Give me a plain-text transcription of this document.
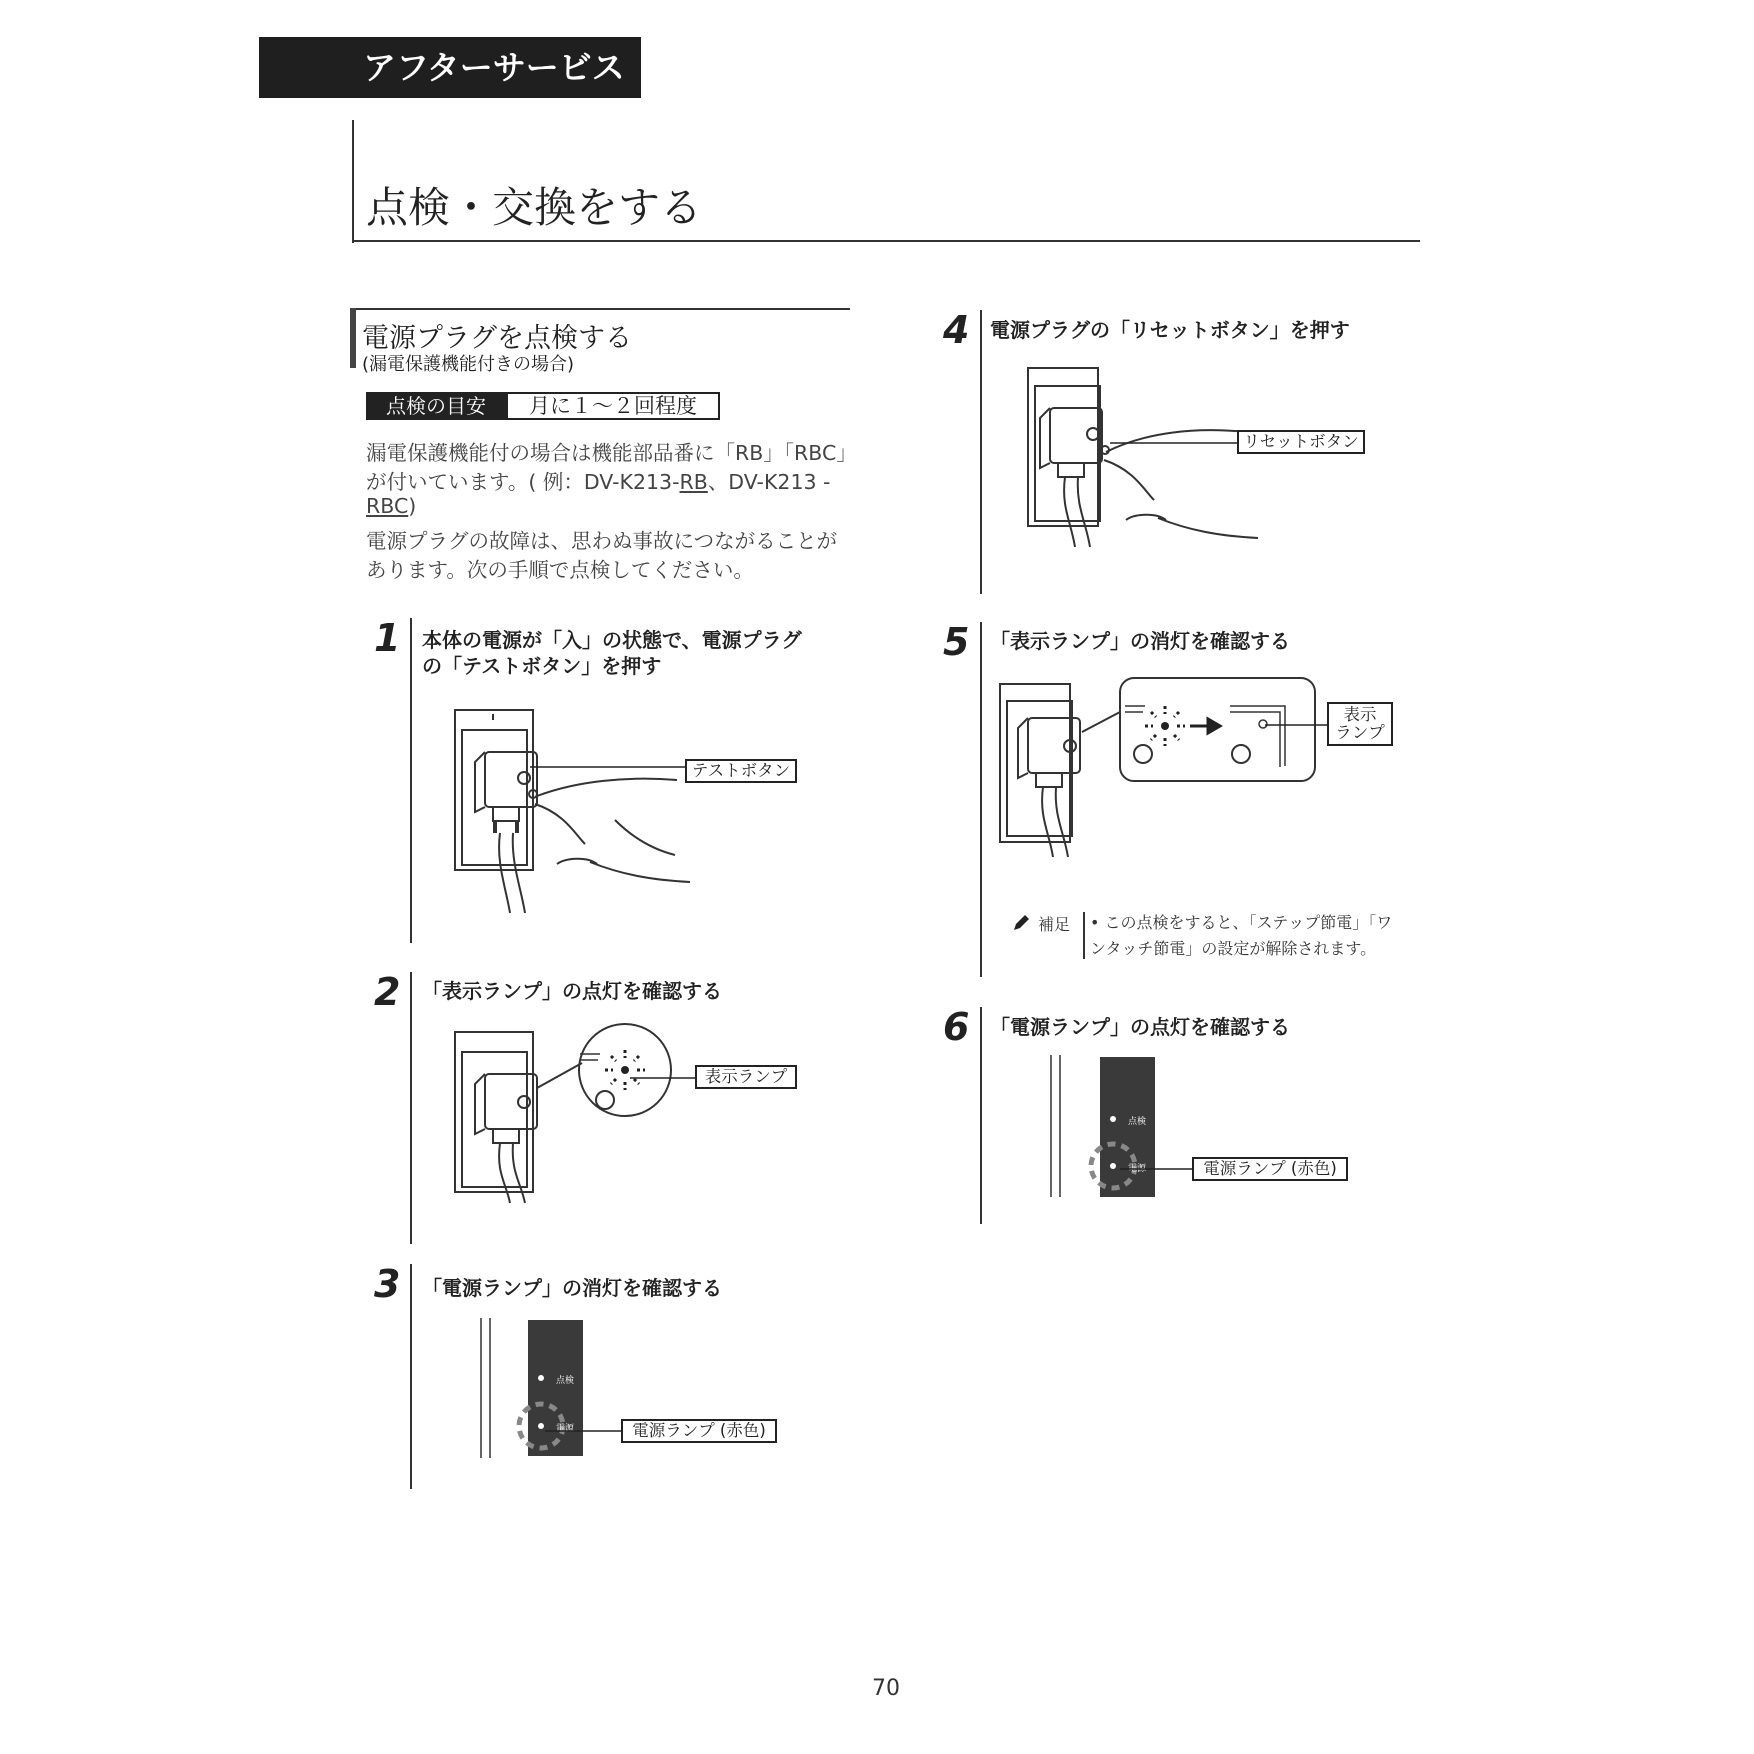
アフターサービス
点検・交換をする
電源プラグを点検する
(漏電保護機能付きの場合)
点検の目安	月に１～２回程度
漏電保護機能付の場合は機能部品番に「RB」「RBC」
が付いています。( 例：DV-K213-RB、DV-K213 -
RBC)
電源プラグの故障は、思わぬ事故につながることが
あります。次の手順で点検してください。
1 本体の電源が「入」の状態で、電源プラグ
の「テストボタン」を押す
テストボタン
2 「表示ランプ」の点灯を確認する
表示ランプ
3 「電源ランプ」の消灯を確認する
点検
電源	電源ランプ (赤色)
4 電源プラグの「リセットボタン」を押す
リセットボタン
5 「表示ランプ」の消灯を確認する
表示
ランプ
補足 • この点検をすると、「ステップ節電」「ワ
ンタッチ節電」の設定が解除されます。
6 「電源ランプ」の点灯を確認する
点検
電源	電源ランプ (赤色)
70
